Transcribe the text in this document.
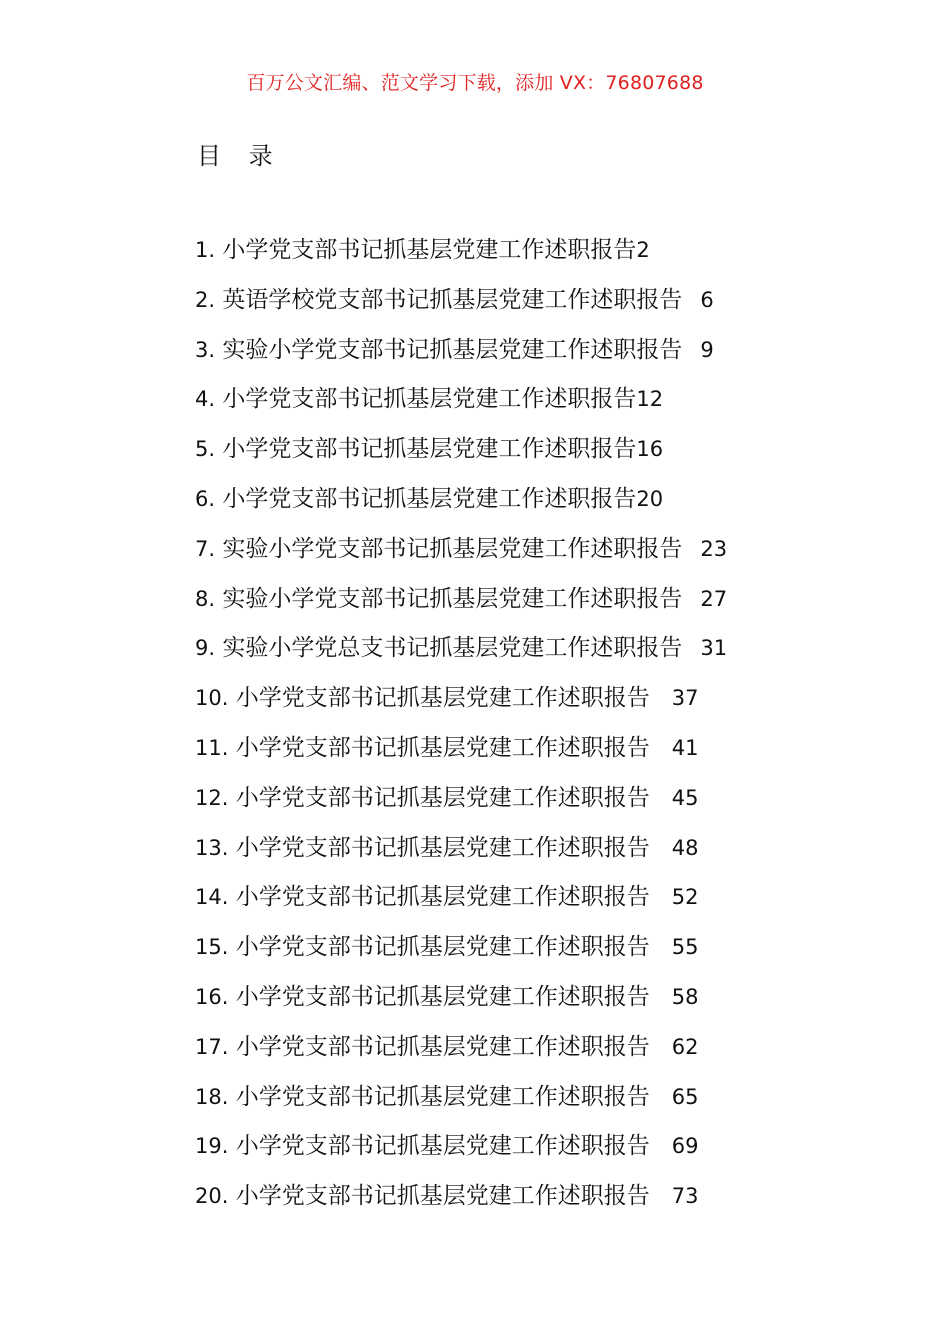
百万公文汇编、范文学习下载，添加 VX：76807688
目 录
1. 小学党支部书记抓基层党建工作述职报告2
2. 英语学校党支部书记抓基层党建工作述职报告 6
3. 实验小学党支部书记抓基层党建工作述职报告 9
4. 小学党支部书记抓基层党建工作述职报告12
5. 小学党支部书记抓基层党建工作述职报告16
6. 小学党支部书记抓基层党建工作述职报告20
7. 实验小学党支部书记抓基层党建工作述职报告 23
8. 实验小学党支部书记抓基层党建工作述职报告 27
9. 实验小学党总支书记抓基层党建工作述职报告 31
10. 小学党支部书记抓基层党建工作述职报告 37
11. 小学党支部书记抓基层党建工作述职报告 41
12. 小学党支部书记抓基层党建工作述职报告 45
13. 小学党支部书记抓基层党建工作述职报告 48
14. 小学党支部书记抓基层党建工作述职报告 52
15. 小学党支部书记抓基层党建工作述职报告 55
16. 小学党支部书记抓基层党建工作述职报告 58
17. 小学党支部书记抓基层党建工作述职报告 62
18. 小学党支部书记抓基层党建工作述职报告 65
19. 小学党支部书记抓基层党建工作述职报告 69
20. 小学党支部书记抓基层党建工作述职报告 73
